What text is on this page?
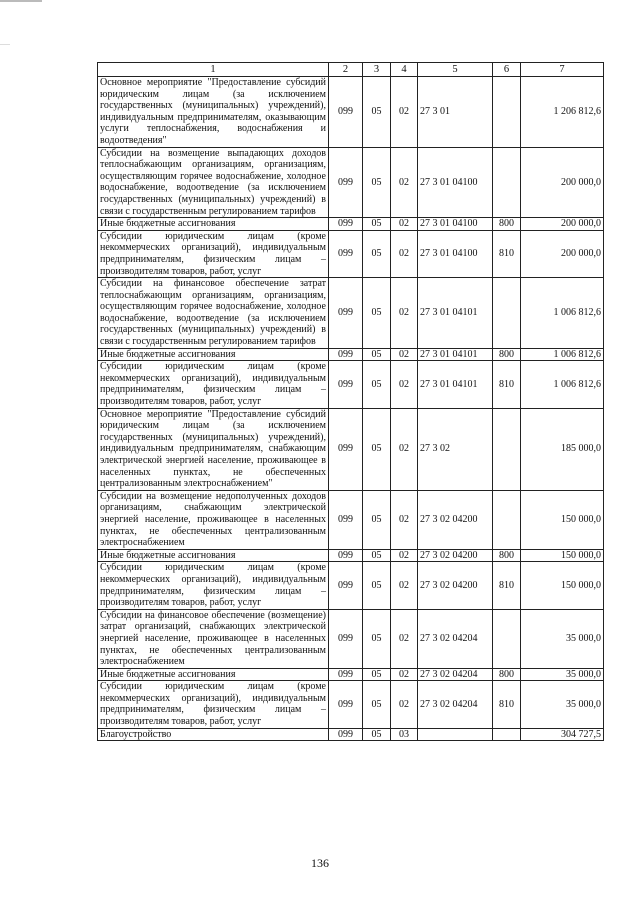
1	2	3	4	5	6	7
Основное мероприятие "Предоставление субсидий юридическим лицам (за исключением государственных (муниципальных) учреждений), индивидуальным предпринимателям, оказывающим услуги теплоснабжения, водоснабжения и водоотведения"	099	05	02	27 3 01		1 206 812,6
Субсидии на возмещение выпадающих доходов теплоснабжающим организациям, организациям, осуществляющим горячее водоснабжение, холодное водоснабжение, водоотведение (за исключением государственных (муниципальных) учреждений) в связи с государственным регулированием тарифов	099	05	02	27 3 01 04100		200 000,0
Иные бюджетные ассигнования	099	05	02	27 3 01 04100	800	200 000,0
Субсидии юридическим лицам (кроме некоммерческих организаций), индивидуальным предпринимателям, физическим лицам – производителям товаров, работ, услуг	099	05	02	27 3 01 04100	810	200 000,0
Субсидии на финансовое обеспечение затрат теплоснабжающим организациям, организациям, осуществляющим горячее водоснабжение, холодное водоснабжение, водоотведение (за исключением государственных (муниципальных) учреждений) в связи с государственным регулированием тарифов	099	05	02	27 3 01 04101		1 006 812,6
Иные бюджетные ассигнования	099	05	02	27 3 01 04101	800	1 006 812,6
Субсидии юридическим лицам (кроме некоммерческих организаций), индивидуальным предпринимателям, физическим лицам – производителям товаров, работ, услуг	099	05	02	27 3 01 04101	810	1 006 812,6
Основное мероприятие "Предоставление субсидий юридическим лицам (за исключением государственных (муниципальных) учреждений), индивидуальным предпринимателям, снабжающим электрической энергией население, проживающее в населенных пунктах, не обеспеченных централизованным электроснабжением"	099	05	02	27 3 02		185 000,0
Субсидии на возмещение недополученных доходов организациям, снабжающим электрической энергией население, проживающее в населенных пунктах, не обеспеченных централизованным электроснабжением	099	05	02	27 3 02 04200		150 000,0
Иные бюджетные ассигнования	099	05	02	27 3 02 04200	800	150 000,0
Субсидии юридическим лицам (кроме некоммерческих организаций), индивидуальным предпринимателям, физическим лицам – производителям товаров, работ, услуг	099	05	02	27 3 02 04200	810	150 000,0
Субсидии на финансовое обеспечение (возмещение) затрат организаций, снабжающих электрической энергией население, проживающее в населенных пунктах, не обеспеченных централизованным электроснабжением	099	05	02	27 3 02 04204		35 000,0
Иные бюджетные ассигнования	099	05	02	27 3 02 04204	800	35 000,0
Субсидии юридическим лицам (кроме некоммерческих организаций), индивидуальным предпринимателям, физическим лицам – производителям товаров, работ, услуг	099	05	02	27 3 02 04204	810	35 000,0
Благоустройство	099	05	03			304 727,5
136
